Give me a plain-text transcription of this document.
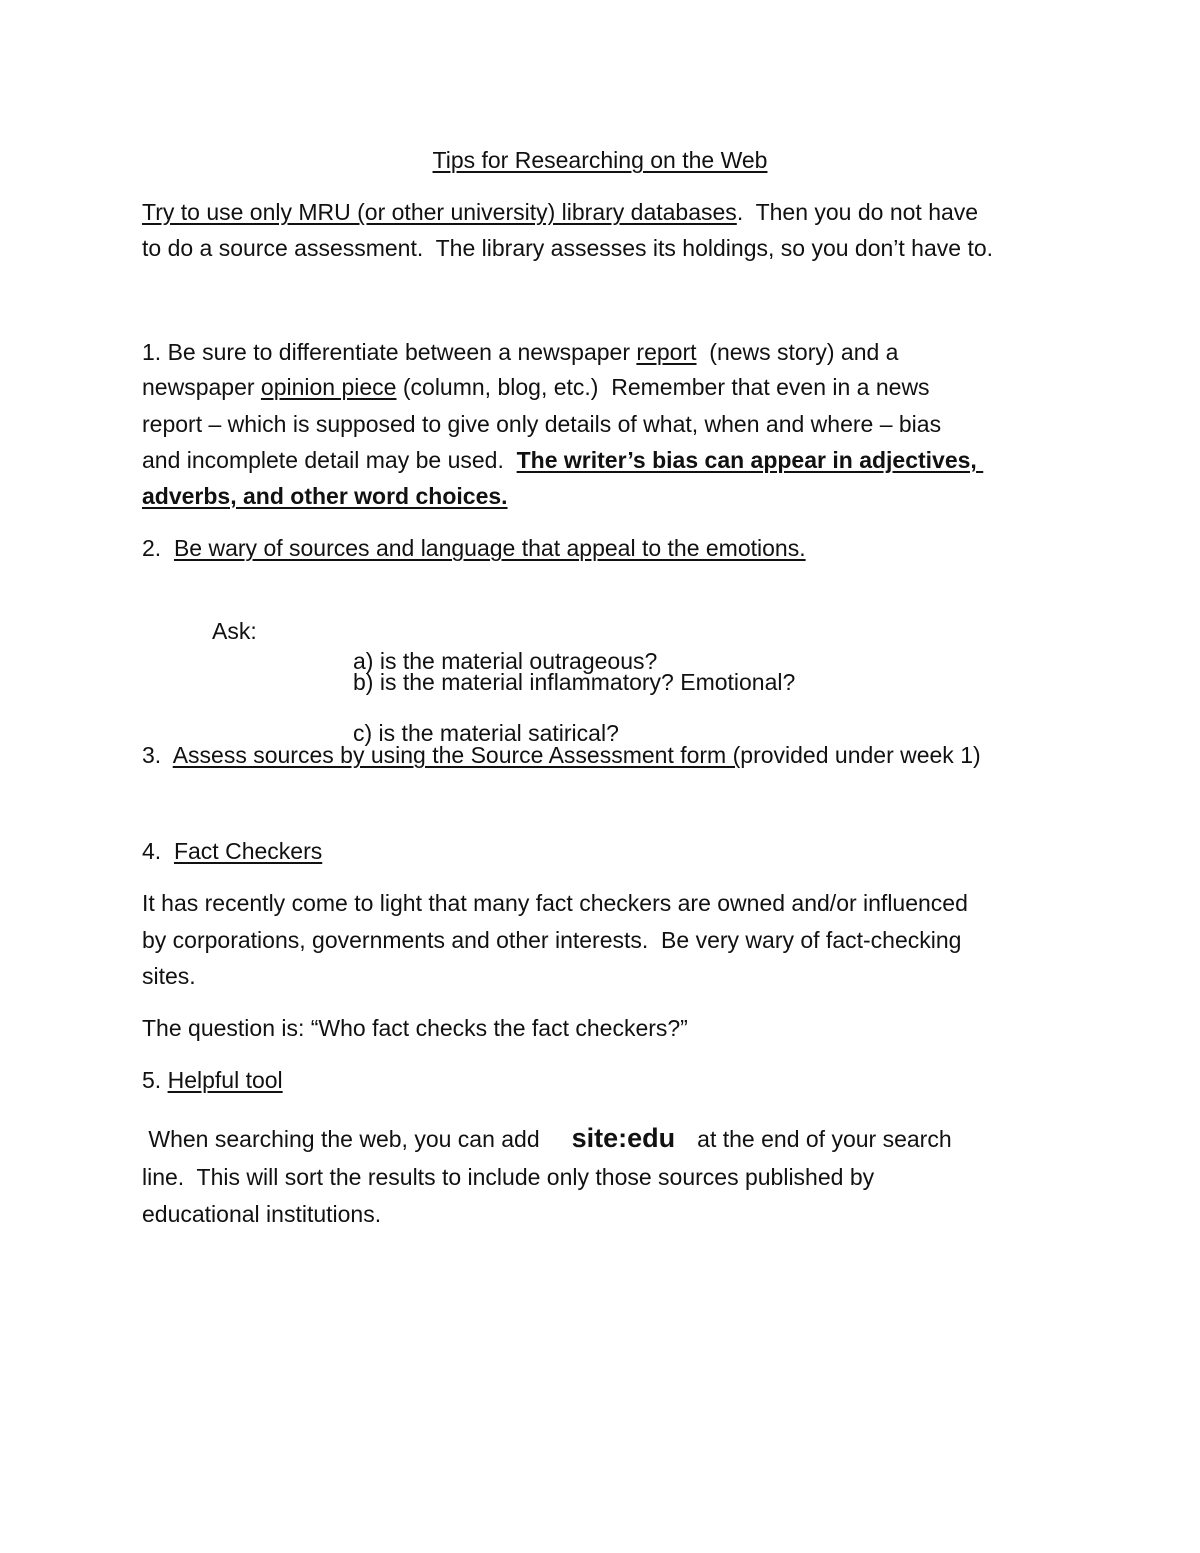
Tips for Researching on the Web
Try to use only MRU (or other university) library databases.  Then you do not have
to do a source assessment.  The library assesses its holdings, so you don’t have to.
1. Be sure to differentiate between a newspaper report  (news story) and a
newspaper opinion piece (column, blog, etc.)  Remember that even in a news
report – which is supposed to give only details of what, when and where – bias
and incomplete detail may be used.  The writer’s bias can appear in adjectives,
adverbs, and other word choices.
2.  Be wary of sources and language that appeal to the emotions.

Ask:

a) is the material outrageous?

b) is the material inflammatory? Emotional?

c) is the material satirical?

3.  Assess sources by using the Source Assessment form (provided under week 1)
4.  Fact Checkers
It has recently come to light that many fact checkers are owned and/or influenced
by corporations, governments and other interests.  Be very wary of fact-checking
sites.
The question is: “Who fact checks the fact checkers?”
5. Helpful tool
When searching the web, you can add site:edu at the end of your search
line.  This will sort the results to include only those sources published by
educational institutions.
